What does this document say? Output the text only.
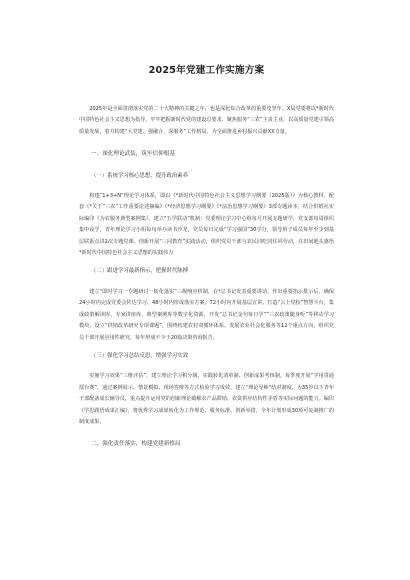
2025年党建工作实施方案

2025年是全面贯彻落实党的二十大精神的关键之年，也是深化综合改革的重要攻坚年。X局党委将以*新时代中国特色社会主义思想为指导，牢牢把握新时代党的建设总要求，聚焦服务“三农”主责主业，以高质量党建引领高质量发展，着力构建“大党建、强融合、深服务”工作格局，为全面推进乡村振兴贡献XX力量。

一、深化理论武装，筑牢信仰根基
（一）系统学习核心思想，提升政治素养

构建“1+3+N”理论学习体系，即以《*新时代中国特色社会主义思想学习纲要（2025版）》为核心教材，配套《*关于“三农”工作重要论述摘编》《*经济思想学习纲要》《*法治思想学习纲要》3部专题读本，结合供销社实际编印《为农服务典型案例集》。建立“五学联动”机制：党委理论学习中心组每月开展专题研学，党支部每周组织集中夜学，青年理论学习小组每旬举办读书沙龙，党员每日完成“学习强国”30学分，领导班子成员每年至少到基层联系点讲2次专题党课。创新开展“三同教育”实践活动，组织党员干部与农民同吃同住同劳动，在田间地头感悟*新时代中国特色社会主义思想的实践伟力

（二）跟进学习最新指示，把握时代脉搏

建立“即时学习一专题研讨一转化落实”三级响应机制，在*总书记发表重要讲话、作出重要指示批示后，确保24小时内完成党委会传达学习、48小时内形成落实方案、72小时内开展基层宣讲。打造“云上党校”智慧平台，集成政策解读库、专家讲座库、典型案例库等数字化资源，开发“总书记金句每日学”“三农政策随身听”等移动学习模块。设立“供销改革研究专项课题”，围绕构建农村双循环体系、发展农业社会化服务等12个重点方向，组织党员干部开展应用性研究，每年形成不少于20篇决策咨询报告。

（三）强化学习总结反思，增强学习实效

实施学习效果“三维评估”，建立理论学习积分制、实践转化清单制、创新成果考核制。每季度开展“学用贯通擂台赛”，通过案例展示、情景模拟、现场答辩等方式检验学习成效。建立“理论导师”结对制度，为35岁以下青年干部配备成长辅导员，重点提升运用党的创新理论破解农产品滞销、农资供应结构性矛盾等实际问题的能力。编印《学思践悟成果汇编》，将优秀学习成果转化为工作规范、服务标准、创新举措，全年计划形成30项可复制推广的制度成果。

二、强化责任落实，构建党建新格局
